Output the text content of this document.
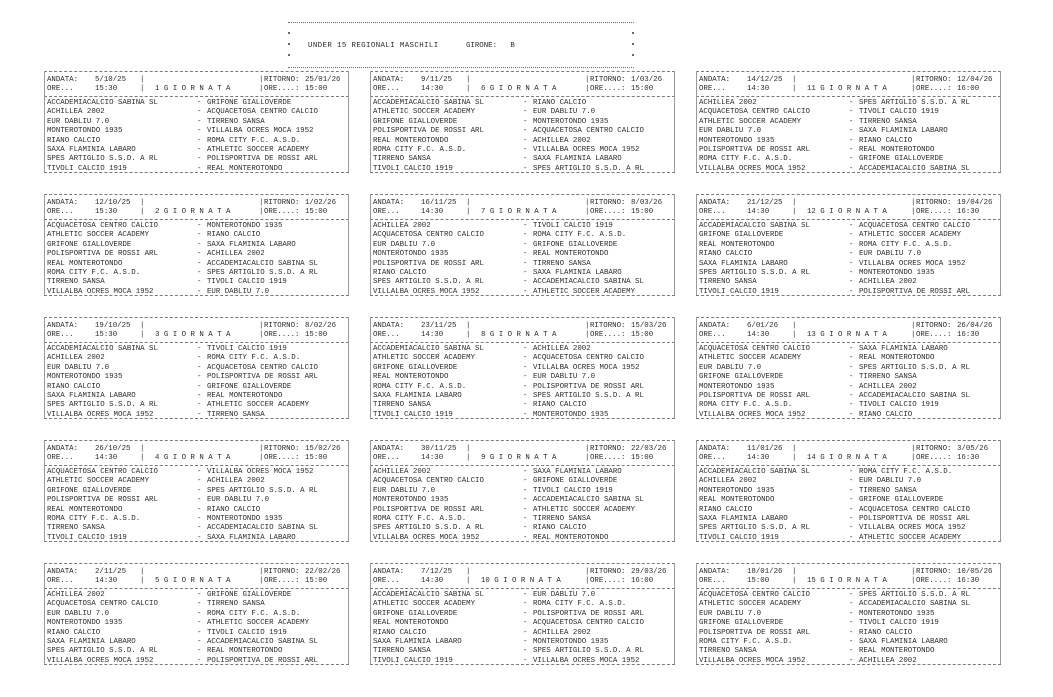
UNDER 15 REGIONALI MASCHILI	GIRONE: B
ANDATA: 5/10/25 |	| RITORNO: 25/01/26
ORE...	15:30	| 1 G I O R N A T A	| ORE....: 15:00
ACCADEMIACALCIO SABINA SL	- GRIFONE GIALLOVERDE
ACHILLEA 2002	- ACQUACETOSA CENTRO CALCIO
EUR DABLIU 7.0	- TIRRENO SANSA
MONTEROTONDO 1935	- VILLALBA OCRES MOCA 1952
RIANO CALCIO	- ROMA CITY F.C. A.S.D.
SAXA FLAMINIA LABARO	- ATHLETIC SOCCER ACADEMY
SPES ARTIGLIO S.S.D. A RL	- POLISPORTIVA DE ROSSI ARL
TIVOLI CALCIO 1919	- REAL MONTEROTONDO
ANDATA: 12/10/25 |	| RITORNO: 1/02/26
ORE...	15:30	| 2 G I O R N A T A	| ORE....: 15:00
ACQUACETOSA CENTRO CALCIO	- MONTEROTONDO 1935
ATHLETIC SOCCER ACADEMY	- RIANO CALCIO
GRIFONE GIALLOVERDE	- SAXA FLAMINIA LABARO
POLISPORTIVA DE ROSSI ARL	- ACHILLEA 2002
REAL MONTEROTONDO	- ACCADEMIACALCIO SABINA SL
ROMA CITY F.C. A.S.D.	- SPES ARTIGLIO S.S.D. A RL
TIRRENO SANSA	- TIVOLI CALCIO 1919
VILLALBA OCRES MOCA 1952	- EUR DABLIU 7.0
ANDATA: 19/10/25 |	| RITORNO: 8/02/26
ORE...	15:30	| 3 G I O R N A T A	| ORE....: 15:00
ACCADEMIACALCIO SABINA SL	- TIVOLI CALCIO 1919
ACHILLEA 2002	- ROMA CITY F.C. A.S.D.
EUR DABLIU 7.0	- ACQUACETOSA CENTRO CALCIO
MONTEROTONDO 1935	- POLISPORTIVA DE ROSSI ARL
RIANO CALCIO	- GRIFONE GIALLOVERDE
SAXA FLAMINIA LABARO	- REAL MONTEROTONDO
SPES ARTIGLIO S.S.D. A RL	- ATHLETIC SOCCER ACADEMY
VILLALBA OCRES MOCA 1952	- TIRRENO SANSA
ANDATA: 26/10/25 |	| RITORNO: 15/02/26
ORE...	14:30	| 4 G I O R N A T A	| ORE....: 15:00
ACQUACETOSA CENTRO CALCIO	- VILLALBA OCRES MOCA 1952
ATHLETIC SOCCER ACADEMY	- ACHILLEA 2002
GRIFONE GIALLOVERDE	- SPES ARTIGLIO S.S.D. A RL
POLISPORTIVA DE ROSSI ARL	- EUR DABLIU 7.0
REAL MONTEROTONDO	- RIANO CALCIO
ROMA CITY F.C. A.S.D.	- MONTEROTONDO 1935
TIRRENO SANSA	- ACCADEMIACALCIO SABINA SL
TIVOLI CALCIO 1919	- SAXA FLAMINIA LABARO
ANDATA: 2/11/25 |	| RITORNO: 22/02/26
ORE...	14:30	| 5 G I O R N A T A	| ORE....: 15:00
ACHILLEA 2002	- GRIFONE GIALLOVERDE
ACQUACETOSA CENTRO CALCIO	- TIRRENO SANSA
EUR DABLIU 7.0	- ROMA CITY F.C. A.S.D.
MONTEROTONDO 1935	- ATHLETIC SOCCER ACADEMY
RIANO CALCIO	- TIVOLI CALCIO 1919
SAXA FLAMINIA LABARO	- ACCADEMIACALCIO SABINA SL
SPES ARTIGLIO S.S.D. A RL	- REAL MONTEROTONDO
VILLALBA OCRES MOCA 1952	- POLISPORTIVA DE ROSSI ARL
ANDATA: 9/11/25 |	| RITORNO: 1/03/26
ORE...	14:30	| 6 G I O R N A T A	| ORE....: 15:00
ACCADEMIACALCIO SABINA SL	- RIANO CALCIO
ATHLETIC SOCCER ACADEMY	- EUR DABLIU 7.0
GRIFONE GIALLOVERDE	- MONTEROTONDO 1935
POLISPORTIVA DE ROSSI ARL	- ACQUACETOSA CENTRO CALCIO
REAL MONTEROTONDO	- ACHILLEA 2002
ROMA CITY F.C. A.S.D.	- VILLALBA OCRES MOCA 1952
TIRRENO SANSA	- SAXA FLAMINIA LABARO
TIVOLI CALCIO 1919	- SPES ARTIGLIO S.S.D. A RL
ANDATA: 16/11/25 |	| RITORNO: 8/03/26
ORE...	14:30	| 7 G I O R N A T A	| ORE....: 15:00
ACHILLEA 2002	- TIVOLI CALCIO 1919
ACQUACETOSA CENTRO CALCIO	- ROMA CITY F.C. A.S.D.
EUR DABLIU 7.0	- GRIFONE GIALLOVERDE
MONTEROTONDO 1935	- REAL MONTEROTONDO
POLISPORTIVA DE ROSSI ARL	- TIRRENO SANSA
RIANO CALCIO	- SAXA FLAMINIA LABARO
SPES ARTIGLIO S.S.D. A RL	- ACCADEMIACALCIO SABINA SL
VILLALBA OCRES MOCA 1952	- ATHLETIC SOCCER ACADEMY
ANDATA: 23/11/25 |	| RITORNO: 15/03/26
ORE...	14:30	| 8 G I O R N A T A	| ORE....: 15:00
ACCADEMIACALCIO SABINA SL	- ACHILLEA 2002
ATHLETIC SOCCER ACADEMY	- ACQUACETOSA CENTRO CALCIO
GRIFONE GIALLOVERDE	- VILLALBA OCRES MOCA 1952
REAL MONTEROTONDO	- EUR DABLIU 7.0
ROMA CITY F.C. A.S.D.	- POLISPORTIVA DE ROSSI ARL
SAXA FLAMINIA LABARO	- SPES ARTIGLIO S.S.D. A RL
TIRRENO SANSA	- RIANO CALCIO
TIVOLI CALCIO 1919	- MONTEROTONDO 1935
ANDATA: 30/11/25 |	| RITORNO: 22/03/26
ORE...	14:30	| 9 G I O R N A T A	| ORE....: 15:00
ACHILLEA 2002	- SAXA FLAMINIA LABARO
ACQUACETOSA CENTRO CALCIO	- GRIFONE GIALLOVERDE
EUR DABLIU 7.0	- TIVOLI CALCIO 1919
MONTEROTONDO 1935	- ACCADEMIACALCIO SABINA SL
POLISPORTIVA DE ROSSI ARL	- ATHLETIC SOCCER ACADEMY
ROMA CITY F.C. A.S.D.	- TIRRENO SANSA
SPES ARTIGLIO S.S.D. A RL	- RIANO CALCIO
VILLALBA OCRES MOCA 1952	- REAL MONTEROTONDO
ANDATA: 7/12/25 |	| RITORNO: 29/03/26
ORE...	14:30	| 10 G I O R N A T A	| ORE....: 16:00
ACCADEMIACALCIO SABINA SL	- EUR DABLIU 7.0
ATHLETIC SOCCER ACADEMY	- ROMA CITY F.C. A.S.D.
GRIFONE GIALLOVERDE	- POLISPORTIVA DE ROSSI ARL
REAL MONTEROTONDO	- ACQUACETOSA CENTRO CALCIO
RIANO CALCIO	- ACHILLEA 2002
SAXA FLAMINIA LABARO	- MONTEROTONDO 1935
TIRRENO SANSA	- SPES ARTIGLIO S.S.D. A RL
TIVOLI CALCIO 1919	- VILLALBA OCRES MOCA 1952
ANDATA: 14/12/25 |	| RITORNO: 12/04/26
ORE...	14:30	| 11 G I O R N A T A	| ORE....: 16:00
ACHILLEA 2002	- SPES ARTIGLIO S.S.D. A RL
ACQUACETOSA CENTRO CALCIO	- TIVOLI CALCIO 1919
ATHLETIC SOCCER ACADEMY	- TIRRENO SANSA
EUR DABLIU 7.0	- SAXA FLAMINIA LABARO
MONTEROTONDO 1935	- RIANO CALCIO
POLISPORTIVA DE ROSSI ARL	- REAL MONTEROTONDO
ROMA CITY F.C. A.S.D.	- GRIFONE GIALLOVERDE
VILLALBA OCRES MOCA 1952	- ACCADEMIACALCIO SABINA SL
ANDATA: 21/12/25 |	| RITORNO: 19/04/26
ORE...	14:30	| 12 G I O R N A T A	| ORE....: 16:30
ACCADEMIACALCIO SABINA SL	- ACQUACETOSA CENTRO CALCIO
GRIFONE GIALLOVERDE	- ATHLETIC SOCCER ACADEMY
REAL MONTEROTONDO	- ROMA CITY F.C. A.S.D.
RIANO CALCIO	- EUR DABLIU 7.0
SAXA FLAMINIA LABARO	- VILLALBA OCRES MOCA 1952
SPES ARTIGLIO S.S.D. A RL	- MONTEROTONDO 1935
TIRRENO SANSA	- ACHILLEA 2002
TIVOLI CALCIO 1919	- POLISPORTIVA DE ROSSI ARL
ANDATA: 6/01/26 |	| RITORNO: 26/04/26
ORE...	14:30	| 13 G I O R N A T A	| ORE....: 16:30
ACQUACETOSA CENTRO CALCIO	- SAXA FLAMINIA LABARO
ATHLETIC SOCCER ACADEMY	- REAL MONTEROTONDO
EUR DABLIU 7.0	- SPES ARTIGLIO S.S.D. A RL
GRIFONE GIALLOVERDE	- TIRRENO SANSA
MONTEROTONDO 1935	- ACHILLEA 2002
POLISPORTIVA DE ROSSI ARL	- ACCADEMIACALCIO SABINA SL
ROMA CITY F.C. A.S.D.	- TIVOLI CALCIO 1919
VILLALBA OCRES MOCA 1952	- RIANO CALCIO
ANDATA: 11/01/26 |	| RITORNO: 3/05/26
ORE...	14:30	| 14 G I O R N A T A	| ORE....: 16:30
ACCADEMIACALCIO SABINA SL	- ROMA CITY F.C. A.S.D.
ACHILLEA 2002	- EUR DABLIU 7.0
MONTEROTONDO 1935	- TIRRENO SANSA
REAL MONTEROTONDO	- GRIFONE GIALLOVERDE
RIANO CALCIO	- ACQUACETOSA CENTRO CALCIO
SAXA FLAMINIA LABARO	- POLISPORTIVA DE ROSSI ARL
SPES ARTIGLIO S.S.D. A RL	- VILLALBA OCRES MOCA 1952
TIVOLI CALCIO 1919	- ATHLETIC SOCCER ACADEMY
ANDATA: 18/01/26 |	| RITORNO: 10/05/26
ORE...	15:00	| 15 G I O R N A T A	| ORE....: 16:30
ACQUACETOSA CENTRO CALCIO	- SPES ARTIGLIO S.S.D. A RL
ATHLETIC SOCCER ACADEMY	- ACCADEMIACALCIO SABINA SL
EUR DABLIU 7.0	- MONTEROTONDO 1935
GRIFONE GIALLOVERDE	- TIVOLI CALCIO 1919
POLISPORTIVA DE ROSSI ARL	- RIANO CALCIO
ROMA CITY F.C. A.S.D.	- SAXA FLAMINIA LABARO
TIRRENO SANSA	- REAL MONTEROTONDO
VILLALBA OCRES MOCA 1952	- ACHILLEA 2002
